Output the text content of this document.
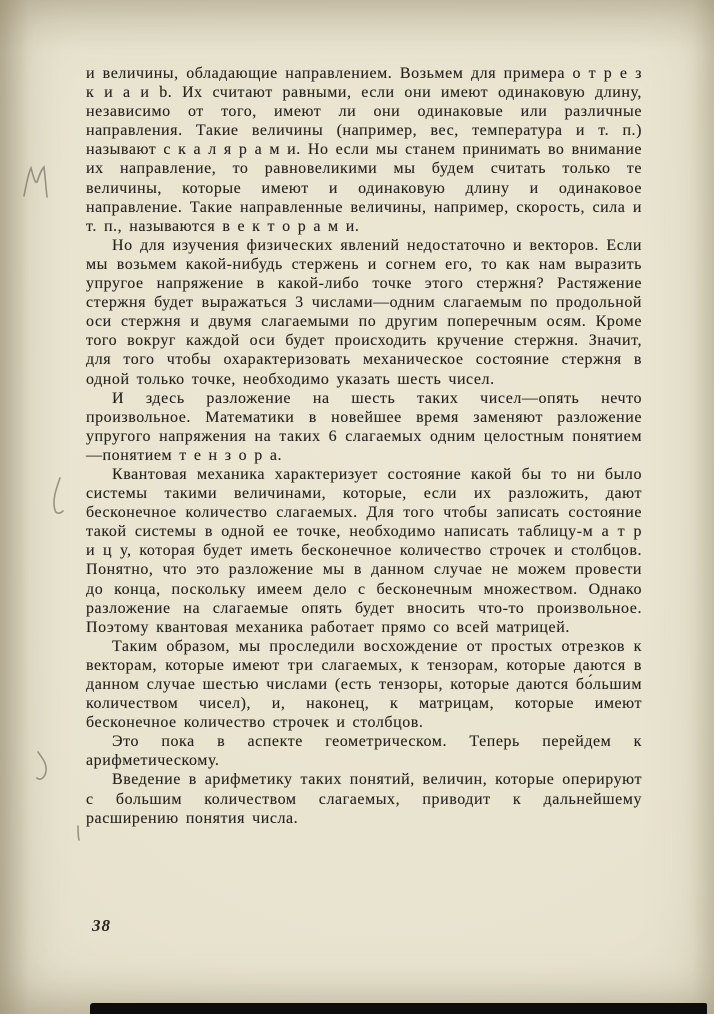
и величины, обладающие направлением. Возьмем для примера о т р е з к и a и b. Их считают равными, если они имеют одинаковую длину, независимо от того, имеют ли они одинаковые или различные направления. Такие величины (например, вес, температура и т. п.) называют с к а л я р а м и. Но если мы станем принимать во внимание их направление, то равновеликими мы будем считать только те величины, которые имеют и одинаковую длину и одинаковое направление. Такие направленные величины, например, скорость, сила и т. п., называются в е к т о р а м и.

Но для изучения физических явлений недостаточно и векторов. Если мы возьмем какой-нибудь стержень и согнем его, то как нам выразить упругое напряжение в какой-либо точке этого стержня? Растяжение стержня будет выражаться 3 числами—одним слагаемым по продольной оси стержня и двумя слагаемыми по другим поперечным осям. Кроме того вокруг каждой оси будет происходить кручение стержня. Значит, для того чтобы охарактеризовать механическое состояние стержня в одной только точке, необходимо указать шесть чисел.

И здесь разложение на шесть таких чисел—опять нечто произвольное. Математики в новейшее время заменяют разложение упругого напряжения на таких 6 слагаемых одним целостным понятием—понятием т е н з о р а.

Квантовая механика характеризует состояние какой бы то ни было системы такими величинами, которые, если их разложить, дают бесконечное количество слагаемых. Для того чтобы записать состояние такой системы в одной ее точке, необходимо написать таблицу-м а т р и ц у, которая будет иметь бесконечное количество строчек и столбцов. Понятно, что это разложение мы в данном случае не можем провести до конца, поскольку имеем дело с бесконечным множеством. Однако разложение на слагаемые опять будет вносить что-то произвольное. Поэтому квантовая механика работает прямо со всей матрицей.

Таким образом, мы проследили восхождение от простых отрезков к векторам, которые имеют три слагаемых, к тензорам, которые даются в данном случае шестью числами (есть тензоры, которые даются бо́льшим количеством чисел), и, наконец, к матрицам, которые имеют бесконечное количество строчек и столбцов.

Это пока в аспекте геометрическом. Теперь перейдем к арифметическому.

Введение в арифметику таких понятий, величин, которые оперируют с большим количеством слагаемых, приводит к дальнейшему расширению понятия числа.

38
